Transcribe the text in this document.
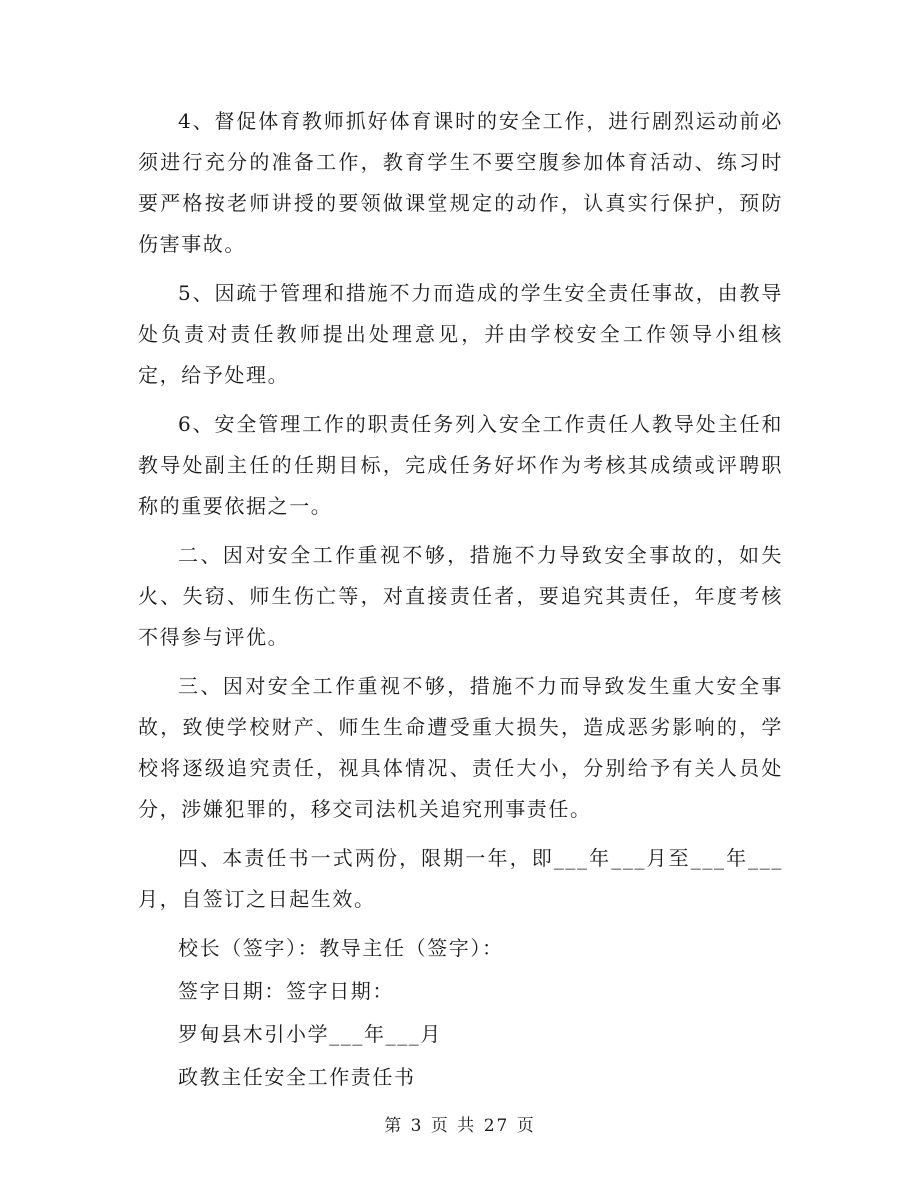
4、督促体育教师抓好体育课时的安全工作，进行剧烈运动前必须进行充分的准备工作，教育学生不要空腹参加体育活动、练习时要严格按老师讲授的要领做课堂规定的动作，认真实行保护，预防伤害事故。

5、因疏于管理和措施不力而造成的学生安全责任事故，由教导处负责对责任教师提出处理意见，并由学校安全工作领导小组核定，给予处理。

6、安全管理工作的职责任务列入安全工作责任人教导处主任和教导处副主任的任期目标，完成任务好坏作为考核其成绩或评聘职称的重要依据之一。

二、因对安全工作重视不够，措施不力导致安全事故的，如失火、失窃、师生伤亡等，对直接责任者，要追究其责任，年度考核不得参与评优。

三、因对安全工作重视不够，措施不力而导致发生重大安全事故，致使学校财产、师生生命遭受重大损失，造成恶劣影响的，学校将逐级追究责任，视具体情况、责任大小，分别给予有关人员处分，涉嫌犯罪的，移交司法机关追究刑事责任。

四、本责任书一式两份，限期一年，即___年___月至___年___月，自签订之日起生效。

校长（签字）：教导主任（签字）：

签字日期：签字日期：

罗甸县木引小学___年___月

政教主任安全工作责任书

第 3 页 共 27 页
